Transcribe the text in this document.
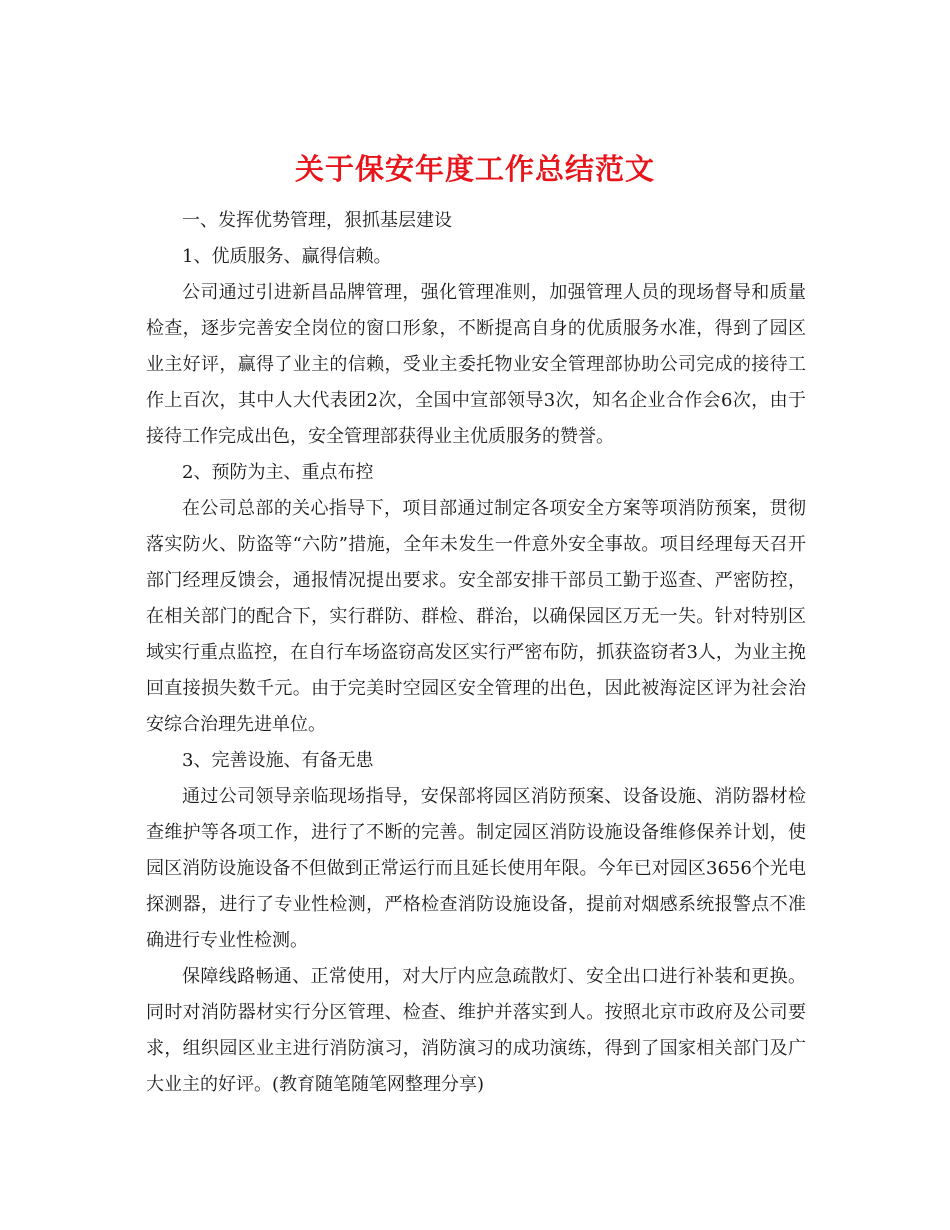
关于保安年度工作总结范文

一、发挥优势管理，狠抓基层建设

1、优质服务、赢得信赖。

公司通过引进新昌品牌管理，强化管理准则，加强管理人员的现场督导和质量检查，逐步完善安全岗位的窗口形象，不断提高自身的优质服务水准，得到了园区业主好评，赢得了业主的信赖，受业主委托物业安全管理部协助公司完成的接待工作上百次，其中人大代表团2次，全国中宣部领导3次，知名企业合作会6次，由于接待工作完成出色，安全管理部获得业主优质服务的赞誉。

2、预防为主、重点布控

在公司总部的关心指导下，项目部通过制定各项安全方案等项消防预案，贯彻落实防火、防盗等“六防”措施，全年未发生一件意外安全事故。项目经理每天召开部门经理反馈会，通报情况提出要求。安全部安排干部员工勤于巡查、严密防控，在相关部门的配合下，实行群防、群检、群治，以确保园区万无一失。针对特别区域实行重点监控，在自行车场盗窃高发区实行严密布防，抓获盗窃者3人，为业主挽回直接损失数千元。由于完美时空园区安全管理的出色，因此被海淀区评为社会治安综合治理先进单位。

3、完善设施、有备无患

通过公司领导亲临现场指导，安保部将园区消防预案、设备设施、消防器材检查维护等各项工作，进行了不断的完善。制定园区消防设施设备维修保养计划，使园区消防设施设备不但做到正常运行而且延长使用年限。今年已对园区3656个光电探测器，进行了专业性检测，严格检查消防设施设备，提前对烟感系统报警点不准确进行专业性检测。

保障线路畅通、正常使用，对大厅内应急疏散灯、安全出口进行补装和更换。同时对消防器材实行分区管理、检查、维护并落实到人。按照北京市政府及公司要求，组织园区业主进行消防演习，消防演习的成功演练，得到了国家相关部门及广大业主的好评。(教育随笔随笔网整理分享)
